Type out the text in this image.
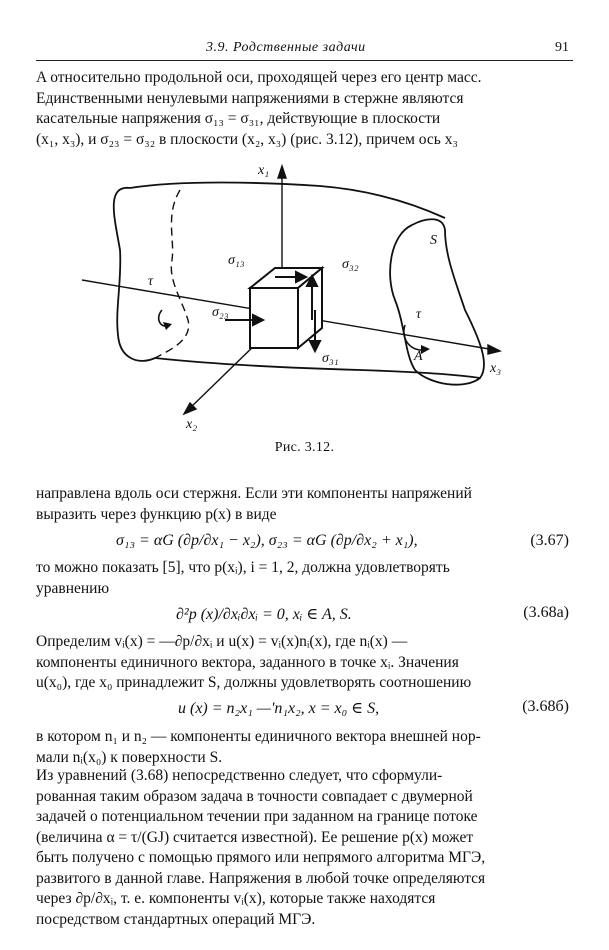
3.9. Родственные задачи	91
A относительно продольной оси, проходящей через его центр масс.
Единственными ненулевыми напряжениями в стержне являются
касательные напряжения σ₁₃ = σ₃₁, действующие в плоскости
(x₁, x₃), и σ₂₃ = σ₃₂ в плоскости (x₂, x₃) (рис. 3.12), причем ось x₃
x₁
x₂
x₃
σ₁₃	σ₃₂
σ₂₃
σ₃₁
τ
τ
S
A
Рис. 3.12.
направлена вдоль оси стержня. Если эти компоненты напряжений
выразить через функцию p(x) в виде
σ₁₃ = αG (∂p/∂x₁ − x₂), σ₂₃ = αG (∂p/∂x₂ + x₁),	(3.67)
то можно показать [5], что p(xᵢ), i = 1, 2, должна удовлетворять
уравнению
∂²p (x)/∂xᵢ∂xᵢ = 0, xᵢ ∈ A, S.	(3.68а)
Определим vᵢ(x) = —∂p/∂xᵢ и u(x) = vᵢ(x)nᵢ(x), где nᵢ(x) —
компоненты единичного вектора, заданного в точке xᵢ. Значения
u(x₀), где x₀ принадлежит S, должны удовлетворять соотношению
u (x) = n₂x₁ —'n₁x₂, x = x₀ ∈ S,	(3.68б)
в котором n₁ и n₂ — компоненты единичного вектора внешней нор-
мали nᵢ(x₀) к поверхности S.
Из уравнений (3.68) непосредственно следует, что сформули-
рованная таким образом задача в точности совпадает с двумерной
задачей о потенциальном течении при заданном на границе потоке
(величина α = τ/(GJ) считается известной). Ее решение p(x) может
быть получено с помощью прямого или непрямого алгоритма МГЭ,
развитого в данной главе. Напряжения в любой точке определяются
через ∂p/∂xᵢ, т. е. компоненты vᵢ(x), которые также находятся
посредством стандартных операций МГЭ.
